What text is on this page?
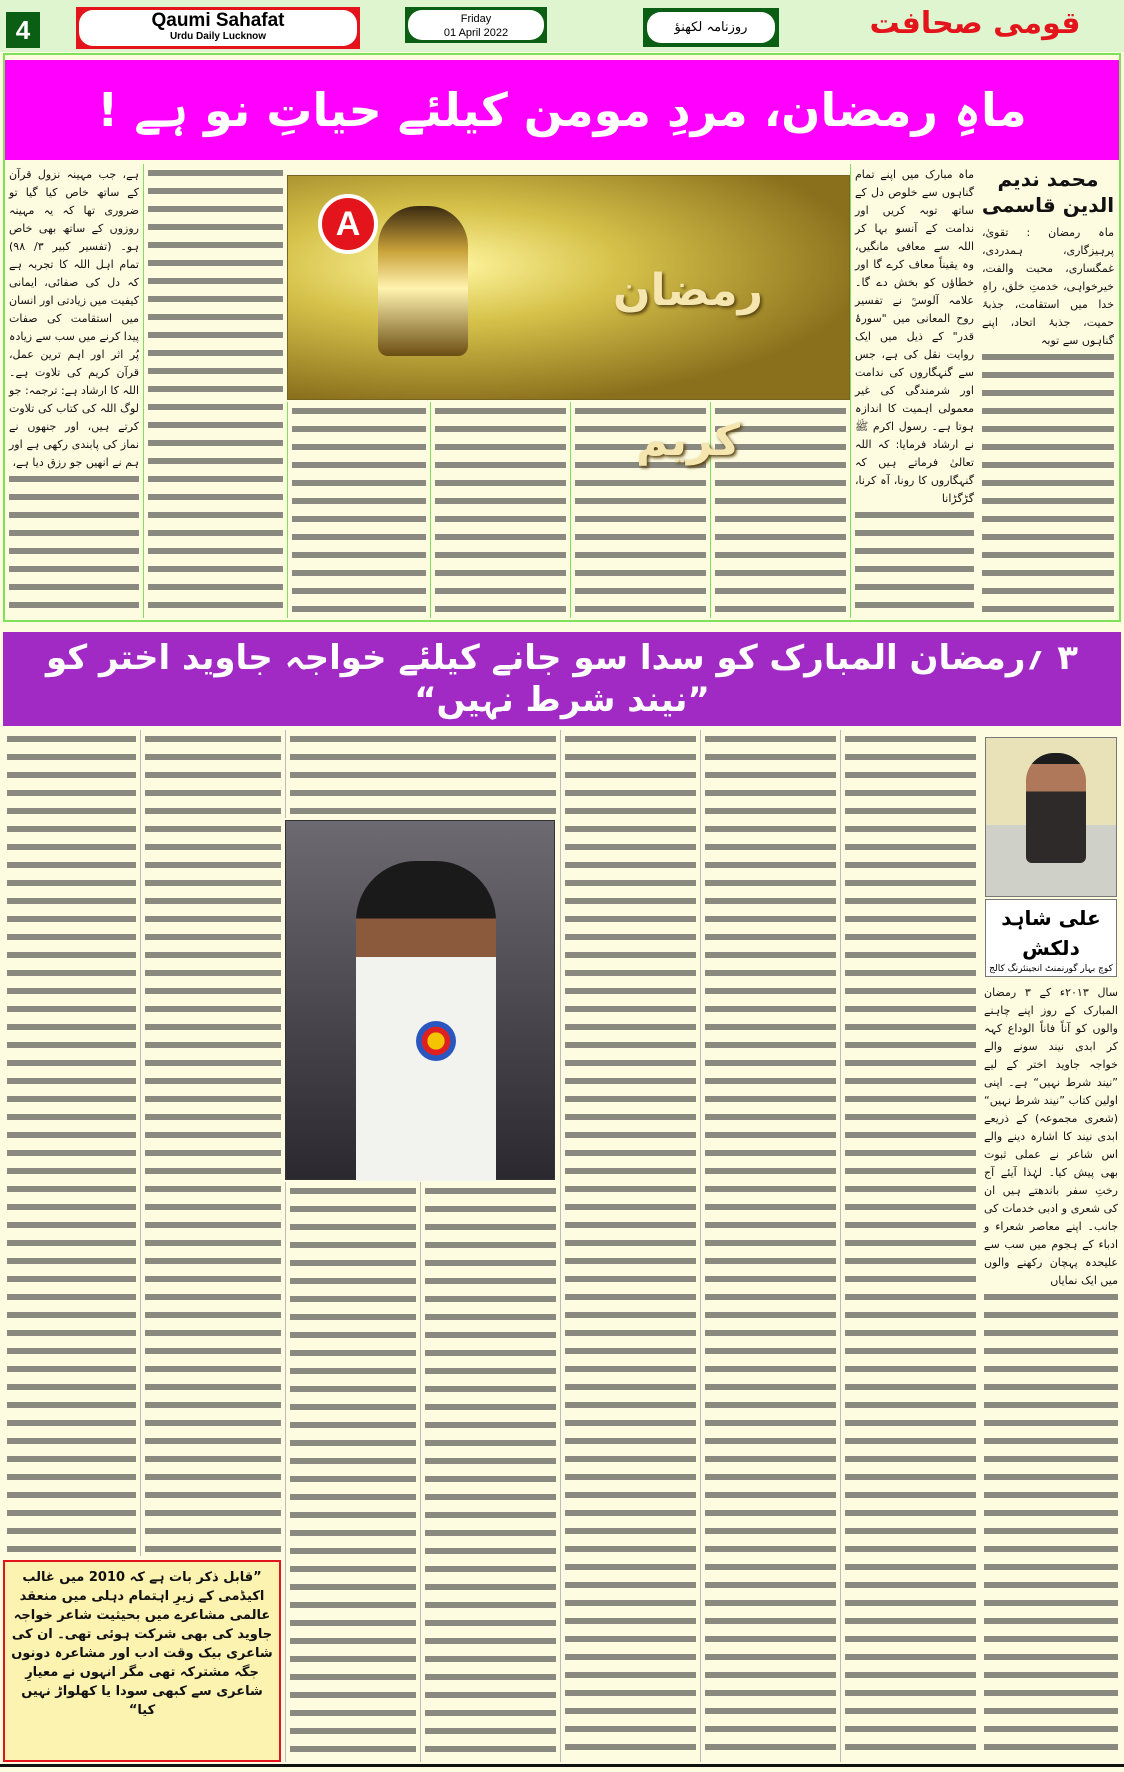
4	Qaumi Sahafat
Urdu Daily Lucknow
Friday
01 April 2022	روزنامہ لکھنؤ	قومی صحافت
ماہِ رمضان، مردِ مومن کیلئے حیاتِ نو ہے !
محمد ندیم الدین قاسمی

ماہ رمضان : تقویٰ، پرہیزگاری، ہمدردی، غمگساری، محبت والفت، خیرخواہی، خدمتِ خلق، راہِ خدا میں استقامت، جذبۂ حمیت، جذبۂ اتحاد، اپنے گناہوں سے توبہ

ماہ مبارک میں اپنے تمام گناہوں سے خلوص دل کے ساتھ توبہ کریں اور ندامت کے آنسو بہا کر اللہ سے معافی مانگیں، وہ یقیناً معاف کرے گا اور خطاؤں کو بخش دے گا۔ علامہ آلوسیؒ نے تفسیر روح المعانی میں "سورۂ قدر" کے ذیل میں ایک روایت نقل کی ہے، جس سے گنہگاروں کی ندامت اور شرمندگی کی غیر معمولی اہمیت کا اندازہ ہوتا ہے۔ رسول اکرم ﷺ نے ارشاد فرمایا: کہ اللہ تعالیٰ فرماتے ہیں کہ گنہگاروں کا رونا، آہ کرنا، گڑگڑانا

ہے، جب مہینہ نزول قرآن کے ساتھ خاص کیا گیا تو ضروری تھا کہ یہ مہینہ روزوں کے ساتھ بھی خاص ہو۔ (تفسیر کبیر ۳/ ۹۸) تمام اہل اللہ کا تجربہ ہے کہ دل کی صفائی، ایمانی کیفیت میں زیادتی اور انسان میں استقامت کی صفات پیدا کرنے میں سب سے زیادہ پُر اثر اور اہم ترین عمل، قرآن کریم کی تلاوت ہے۔ اللہ کا ارشاد ہے: ترجمہ: جو لوگ اللہ کی کتاب کی تلاوت کرتے ہیں، اور جنھوں نے نماز کی پابندی رکھی ہے اور ہم نے انھیں جو رزق دیا ہے،

A
رمضان کریم
۳ ؍رمضان المبارک کو سدا سو جانے کیلئے خواجہ جاوید اختر کو ”نیند شرط نہیں“
علی شاہد دلکش
کوچ بہار گورنمنٹ انجینئرنگ کالج

سال ۲۰۱۳ء کے ۳ رمضان المبارک کے روز اپنے چاہنے والوں کو آناً فاناً الوداع کہہ کر ابدی نیند سونے والے خواجہ جاوید اختر کے لیے ”نیند شرط نہیں“ ہے۔ اپنی اولین کتاب ”نیند شرط نہیں“ (شعری مجموعہ) کے ذریعے ابدی نیند کا اشارہ دینے والے اس شاعر نے عملی ثبوت بھی پیش کیا۔ لہٰذا آیئے آج رختِ سفر باندھتے ہیں ان کی شعری و ادبی خدمات کی جانب۔ اپنے معاصر شعراء و ادباء کے ہجوم میں سب سے علیحدہ پہچان رکھنے والوں میں ایک نمایاں

”قابل ذکر بات ہے کہ 2010 میں غالب اکیڈمی کے زیرِ اہتمام دہلی میں منعقد عالمی مشاعرے میں بحیثیت شاعر خواجہ جاوید کی بھی شرکت ہوئی تھی۔ ان کی شاعری بیک وقت ادب اور مشاعرہ دونوں جگہ مشترکہ تھی مگر انہوں نے معیارِ شاعری سے کبھی سودا یا کھلواڑ نہیں کیا“
